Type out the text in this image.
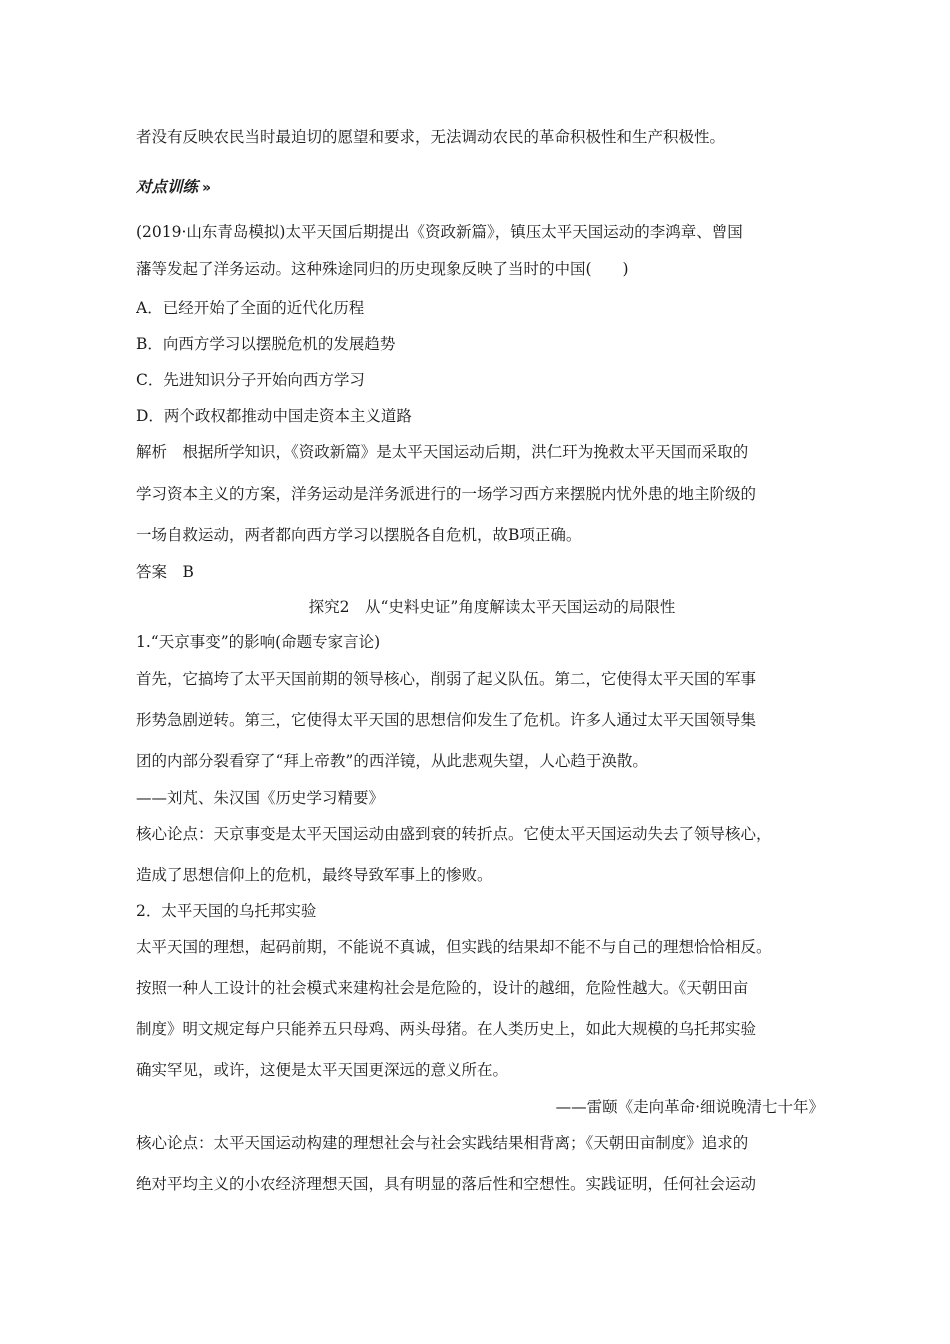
者没有反映农民当时最迫切的愿望和要求，无法调动农民的革命积极性和生产积极性。
对点训练 »
(2019·山东青岛模拟)太平天国后期提出《资政新篇》，镇压太平天国运动的李鸿章、曾国
藩等发起了洋务运动。这种殊途同归的历史现象反映了当时的中国(　　)
A．已经开始了全面的近代化历程
B．向西方学习以摆脱危机的发展趋势
C．先进知识分子开始向西方学习
D．两个政权都推动中国走资本主义道路
解析　根据所学知识，《资政新篇》是太平天国运动后期，洪仁玕为挽救太平天国而采取的
学习资本主义的方案，洋务运动是洋务派进行的一场学习西方来摆脱内忧外患的地主阶级的
一场自救运动，两者都向西方学习以摆脱各自危机，故B项正确。
答案　B
探究2　从“史料史证”角度解读太平天国运动的局限性
1.“天京事变”的影响(命题专家言论)
首先，它搞垮了太平天国前期的领导核心，削弱了起义队伍。第二，它使得太平天国的军事
形势急剧逆转。第三，它使得太平天国的思想信仰发生了危机。许多人通过太平天国领导集
团的内部分裂看穿了“拜上帝教”的西洋镜，从此悲观失望，人心趋于涣散。
——刘芃、朱汉国《历史学习精要》
核心论点：天京事变是太平天国运动由盛到衰的转折点。它使太平天国运动失去了领导核心，
造成了思想信仰上的危机，最终导致军事上的惨败。
2．太平天国的乌托邦实验
太平天国的理想，起码前期，不能说不真诚，但实践的结果却不能不与自己的理想恰恰相反。
按照一种人工设计的社会模式来建构社会是危险的，设计的越细，危险性越大。《天朝田亩
制度》明文规定每户只能养五只母鸡、两头母猪。在人类历史上，如此大规模的乌托邦实验
确实罕见，或许，这便是太平天国更深远的意义所在。
——雷颐《走向革命·细说晚清七十年》
核心论点：太平天国运动构建的理想社会与社会实践结果相背离；《天朝田亩制度》追求的
绝对平均主义的小农经济理想天国，具有明显的落后性和空想性。实践证明，任何社会运动
